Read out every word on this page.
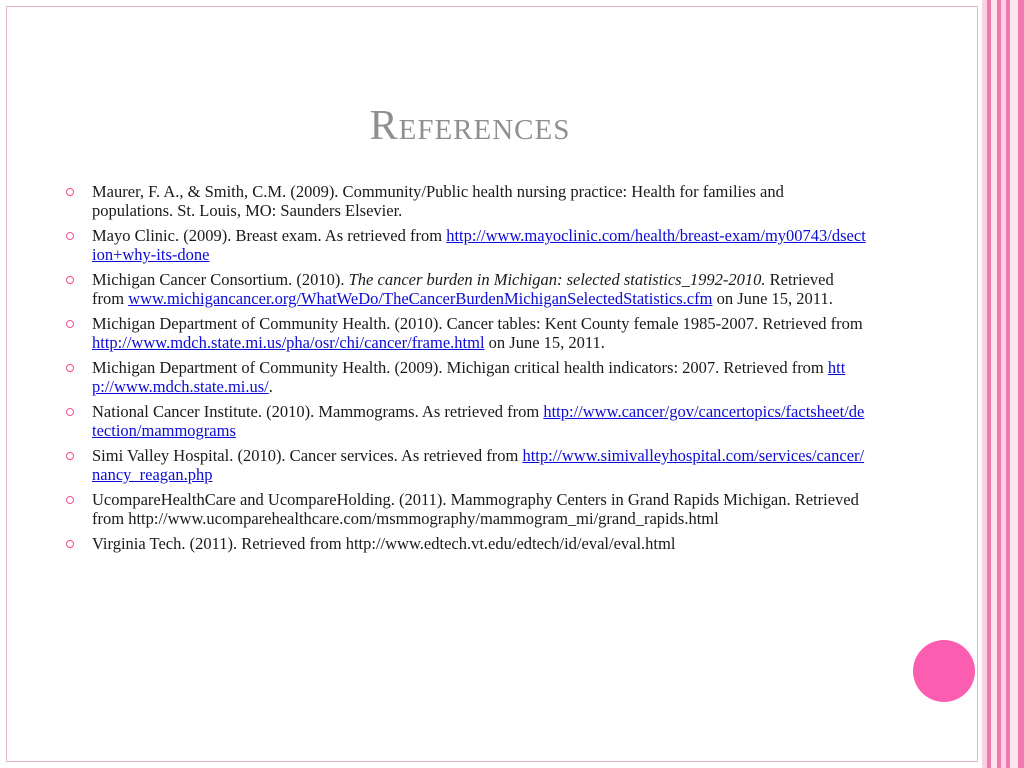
References
Maurer, F. A., & Smith, C.M. (2009). Community/Public health nursing practice: Health for families and populations. St. Louis, MO: Saunders Elsevier.
Mayo Clinic. (2009). Breast exam. As retrieved from http://www.mayoclinic.com/health/breast-exam/my00743/dsection+why-its-done
Michigan Cancer Consortium. (2010). The cancer burden in Michigan: selected statistics_1992-2010. Retrieved from www.michigancancer.org/WhatWeDo/TheCancerBurdenMichiganSelectedStatistics.cfm on June 15, 2011.
Michigan Department of Community Health. (2010). Cancer tables: Kent County female 1985-2007. Retrieved from http://www.mdch.state.mi.us/pha/osr/chi/cancer/frame.html on June 15, 2011.
Michigan Department of Community Health. (2009). Michigan critical health indicators: 2007. Retrieved from http://www.mdch.state.mi.us/.
National Cancer Institute. (2010). Mammograms. As retrieved from http://www.cancer/gov/cancertopics/factsheet/detection/mammograms
Simi Valley Hospital. (2010). Cancer services. As retrieved from http://www.simivalleyhospital.com/services/cancer/nancy_reagan.php
UcompareHealthCare and UcompareHolding. (2011). Mammography Centers in Grand Rapids Michigan. Retrieved from http://www.ucomparehealthcare.com/msmmography/mammogram_mi/grand_rapids.html
Virginia Tech. (2011). Retrieved from http://www.edtech.vt.edu/edtech/id/eval/eval.html
